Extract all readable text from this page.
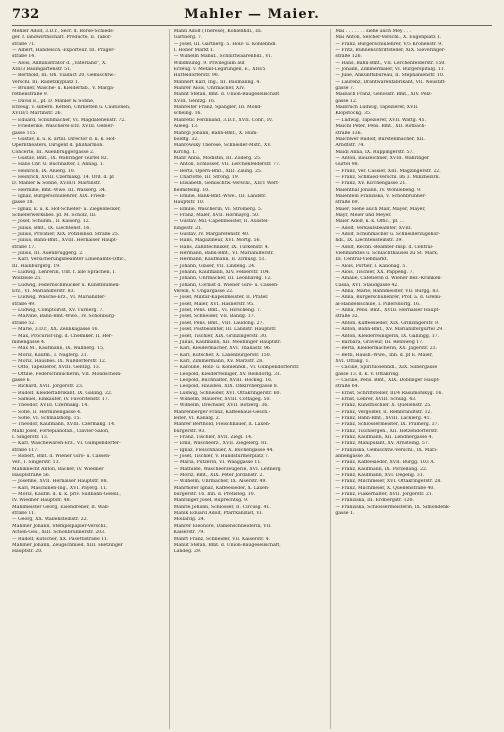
732	Mahler — Maier.
Mehler Adolf, 3.D.r., Secr. d. Börse-Schieds-
ger. f. landwirthschaft. Producte, II. Tabor-
straße 71.
— Albert, Handelsch.-Exporteur, III. Prager-
straße 14.
— Alois, Administrator d. „Vaterland“, X.
XIII/3 Baumgartenstr. 51.
— Berthold, III. Oh. Viaduct 20, Gemischtw.-
Verschl. III. Radetzkyplatz 1.
— Brüder, Wäsche- u. Kleiderfab., V. Marga-
rethenstraße 9.
— David E., pf. D. Mahler & Söhne,
Erzeug. v. silbern. Ketten, Uhrketten u. Cautionen,
XVIII/1 Martinstr. 26.
— Eduard, Schuhmacher, VI. Magdalenenstr. 72.
— Friederike, Wäscherei-Erz. XVIII. Gebler-
gasse 115.
— Gustav, k. u. k. artill. Director d. k. k. Hof-
Operntheaters, Dirigent d. philharmon.
Concerte, III. Auenbruggergasse 2.
— Gustav, Bmt., IX. Währinger Gürtel 82.
— Hans Chr. O. Buchhalter, I. Annag. 1.
— Heinrich, IX. Aluerg. 10.
— Heinrich, XVIII. Czermakg. 14. Ord. d. pf
D. Mahler & Söhne, XVIII/1 Martinstr.
— Hermine, Bmt.-Wwe. III. Wasserg. 34.
— Ignaz, Bürgerschullehrer, XIX. Friedl-
gasse 18.
— Ignaz, k. u. k. Hof-Schiefer- u. Ziegeldecker,
Schieferwerksbes. pf. M. Scholz, III.
— Josef, Schuhm., II. Kaiserg. 12.
— Julius, Bmt., IX. Liechtenst. 16.
— Julius, Privatier, XIX. Pötzleinsd. Straße 25.
— Julius, Bahn-Bmt., XVIII. Hernalser Haupt-
straße 17.
— Julius, III. Auenbruggerg. 2.
— Karl, Versicherungsbeamter Linienamts-Offic.,
III. Hainburgerg. 19.
— Ludwig, Lehrerin, Unt. f. alle Sprachen, I.
Wollzeile 25.
— Ludwig, Federnschmücker u. Kunstblumen-
Erz., VI. Mariahilferstr. 83.
— Ludwig, Wäsche-Erz., VI. Mariahilfer-
straße 49.
— Ludwig, Comptoirist, XV. Turnerg. 7.
— Malvine, Bahn-Bmt.-Wwe., IV. Schönburg-
straße 52.
— Marie, 3.D.r., XX. Zelinkagasse 16.
— Max, Procurist-Ing. d. Chemiker, II. Her-
minengasse 4.
— Max M., Kaufmann, IX. Wallnerg. 15.
— Moriz, Kaufm., I. Naglerg. 21.
— Moriz, Hausbes. IX. Nußdorferstr. 12.
— Otto, Tapezierer, XVIII. Gentzg. 13.
— Ottilie, Federschmückerin, VII. Mondschein-
gasse 6.
— Richard, XVII. Jörgerstr. 23.
— Rudolf, Kleiderfabrikant, IX. Galling. 22.
— Samuel, Einkäufer, IV. Favoritenstr. 17.
— Theodor, XVIII. Czermakg. 14.
— Sofie, II. Herminengasse 4.
— Sofie, VI. Schmalzhofg. 15.
— Theodor, Kaufmann, XVIII. Czermakg. 14.
Mahl Josef, Fortepianofab., Clavier-Salon,
I. Singerstr. 13.
— Karl, Wäschewaren-Erz., VI. Gumpendorfer-
straße 117.
— Robert, Bmt. d. Wiener Giro- u. Cassen-
Ver., I. Singerstr. 13.
Mahlknecht Anton, Bäcker, IV. Wiedner
Hauptstraße 56.
— Josefine, XVII. Hernalser Hauptstr. 88.
— Karl, Maschinen-Ing., XVI. Payerg. 11.
— Moriz, Kaufm. d. k. k. priv. Südbahn-Gesell.,
IV. Wiedner Hauptstr. 48.
Mahlmeister Georg, Eisendreher, II. Wall-
straße 11.
— Georg, XX. Wallensteinstr. 22.
Mahlner Johann, Stempelpapier-Verschl.,
Actien-Ges., XIII. Schönbrunnerstr. 203.
— Rudolf, Kutscher, XX. Pasettistraße 11.
Mahlner Johann, Zeugschmied, XIII. Hietzinger
Hauptstr. 20.
Mahn Adolf (Therese), Kohlenhdl., III.
Gärtnerg. 7.
— Josef, III. Gärtnerg. 5. Holz- u. Kohlenhdl.
I. Hoher Markt 1.
— Wilhelm Manuf., Schnittwaarenhdl., VI.
Windmühlg. 9. Privilegium auf
Erzeug. v. Metall-Legirungen, E., XIII/5
Hütteldorferstr. 90.
Mahnert Karl, Ing., III. Baumanng. 4.
Mahrer Alois, Uhrmacher, XIV.
Mahnt Stefan, Bmt. d. Union-Baugesellschaft
XVIII. Gentzg. 16.
Mahreiter Franz, Spängler, III. Mond-
scheing. 16.
Mahretic Ferdinand, 3.D.r., XVII. Conr., IV.
Alleeg. 13.
Mahrgl Johann, Bahn-Bmt., X. Hum-
boldtg. 32.
Mahrowsky Therese, Schneider-Mstr., XV.
Kirchg. 1.
Mahr Anna, Modistin, III. Zollerg. 25.
— Anton, Schlosser, VII. Lerchenfelderstr. 77.
— Berta, Opern-Bmt., XIII. Zaung. 25.
— Charlotte, III. Strohg. 19.
— Elisabeth, Gemischtw.-Verschl., XII/1 Wert-
heimsteing. 10.
— Emilie, Bank-Bmt.-Wwe., III. Landstr.
Hauptstr. 10.
— Emilie, Wäscherin, VI. Stromerg. 5.
— Franz, Maler, XVII. Hormayrg. 50.
— Gustav, Mil.-Capellmeister, II. Ausstel-
lungsstr. 21.
— Gustav, IV. Margaretenstr. 40.
— Hans, Magazineur, XVI. Mörtg. 56.
— Hans, Zahntechniker, IX. Türkenstr. 4.
— Hermann, Bahn-Bmt., VI. Mariahilferstr.
— Hermann, Kaufmann, II. Zirkusg. 51.
— Johann, Glaser, VII. Lindeng. 24.
— Johann, Kaufmann, XIV. Felberstr. 104.
— Johann, Uhrmacher, III. Leonhardg. 12.
— Johann, Cornist d. Wiener Giro- u. Cassen-
Verein, V. Ungargasse 22.
— Josef, Militär-Kapellmeister, II. Prater.
— Josef, Maler, XVI. Hasnerstr. 95.
— Josef, Pens. Bmt., VI. Hirscheng. 7.
— Josef, Schneider, VII. Bandg. 17.
— Josef, Pens. Bmt., VIII. Laudong. 27.
— Josef, Postbeamter, III. Landstr. Hauptstr.
— Josef, Tischler, XIX. Grinzingerstr. 30.
— Julius, Kaufmann, XII. Meidlinger Hauptstr.
— Karl, Kleidermacher, XVI. Thaliastr. 96.
— Karl, Kutscher, X. Laxenburgerstr. 150.
— Karl, Zimmermann, XV. Märzstr. 28.
— Karoline, Holz- u. Kohlenhdl., VI. Gumpendorferstr.
— Leopold, Kleiderreiniger, XV. Reindorfg. 31.
— Leopold, Buchhalter, XVIII. Hockeg. 16.
— Leopold, Hausbes. XIX. Obkirchergasse 8.
— Ludwig, Schneider, XVI. Ottakringerstr. 60.
— Wilhelm, Mauerer, XVIII. Cottageg. 50.
— Wilhelm, Drechsler, XVII. Rötzerg. 36.
Mahrenberger Franz, Kaffeehaus-Gesch.-
leiter, VI. Kanalg. 2.
Mahrer Berthold, Fleischhauer, X. Laxen-
burgerstr. 93.
— Franz, Tischler, XVII. Ziegl. 14.
— Emil, Wäscheerz., XVII. Ziegelerg. 81.
— Ignaz, Fleischhauer, X. Buchengasse 44.
— Josef, Tischler, V. Hundsturmerplatz 7.
— Maria, Putzerin, VI. Waaggasse 11.
— Mathilde, Wäscheerzeugerin, XVI. Leitnerg.
— Moriz, Bmt., XIX. Peter Jordanstr. 2.
— Wilhelm, Uhrmacher, IX. Alserstr. 49.
Mahrhofer Ignaz, Kaffeesieder, X. Laxen-
burgerstr. 16. Inh. d. Pretisteg. 10.
Mahringer Josef, Ruprechtsg. 9.
Mahrle Johann, Schlosser, II. Circusg. 41.
Mahlk Eduard Adolf, Pfarrkanzlist, VI.
Mollardg. 24.
Mahrer Eleonore, Damenschneiderin, VII.
Kaiserstr. 79.
Mahrt Franz, Schneider, VII. Kaiserstr. 4.
Mahut Stefan, Bmt. d. Union-Baugesellschaft,
Landeg. 29.
Mai . . . . . . . siehe auch Mey . . .
Mai Anton, Selcher-Verschl., X. Eugenplatz 1.
— Franz, Bürgerschullehrer, V/5 Kronenstr. 9.
— Fritz, Bühnenschriftsteller, XIX. Sieveringer-
straße 126.
— Hans, Bahn-Bmt., VII. Lerchenfelderstr. 150.
— Johann, Zimmermaler, VI. Bürgerspitalg. 11.
— Julie, Ankunftsbureau, II. Stephanienstr. 10.
— Laurenz, Drahtwarenfabrikant, VII. Neustift-
gasse 7.
Maibach Franz, Genossfr. Bmt., XIV. Pelz-
gasse 12.
Maibruch Ludwig, Tapezierer, XVII.
Klopstockg. 35.
— Ludwig, Tapezierer, XVII. Wattg. 45.
Maichl Peter, Pens. Bmt., XII. Rotbach-
straße 136.
Maichwer Rudolf, Bürstenmacher, XII.
Arndtstr. 74.
Maidl Anna, IX. Ruppingerstr. 57.
— Anton, Bauzeichner, XVIII. Währinger
Gürtel 98.
— Franz, Ver. Cassier, XIII. Magzingerstr. 22.
— Franz, Schmied-Verschl. im 3. Milizbezirk.
— Franz, XV. Kirchengasse 21.
Maienthal Johann, IV. Wohllebeng. 9.
Maienfein Franziska, V. Schönbrunner-
straße 69.
Maier, Siehe auch Mair, Mayer, Mayer,
Mayr, Meier und Meyer.
Maier Adolf, k. k. Offic., pf. ...
— Adolf, Verkaufsbeamter, XVIII.
— Adolf, Schuhmacher u. Schneiderzugehör-
hdl., IX. Liechtensteinstr. 39.
— Adolf, Rechn.-Beamter-Insp. d. Central-
Viehmarktes u. Schlachthauses zu St. Marx,
III. Central-Viehmarkt.
— Alois, Portier, I. Kanonag. 5.
— Alois, Tischler, XX. Pappeng. 7.
— Amalie, Cafetierin d. Wiener Bez.-Kranken-
Cassa, XVI. Staudgasse 42.
— Anna, Marie, Bahnmeister, VII. Burgg. 83.
— Anna, Bürgerschullehrer, Prof. a. d. Gremi-
al-Handelsschule, I. Pillersdorfg. 16.
— Anna, Pens. Bmt., XVIII. Hernalser Haupt-
straße 32.
— Anton, Kaffeesieder, XIX. Grinzingerstr. 9.
— Anton, Bahn-Bmt., XV. Mariahilfergürtel 29.
— Anton, Kleiderreinigerin, IX. Gallingg. 17.
— Barbara, Graveur, III. Rennweg 17.
— Berta, Kleidermacherin, XX. Jägerstr. 23.
— Betti, Haush.-Wwe., Inh. d. pf E. Maier,
XVI. Ottakg. 1.
— Cäcilie, Spirituosenhdl., XIX. Silbergasse
gasse 13. d. k. V. Ottakring.
— Cäcilie, Pens. Bmt., XIX. Döblinger Haupt-
straße 64.
— Ernst, Schriftsteller, III/4 Rasumofskyg. 16.
— Ernst, Lehrer, XVIII. Schulg. 43.
— Franz, Kunsttischler, X. Quellenstr. 25.
— Franz, Vergolder, II. Rembrandtstr. 12.
— Franz, Bahn-Bmt., XVIII. Lackierg. 41.
— Franz, Schlossermeister, IX. Pramerg. 37.
— Franz, Tischlergeh., XII. Hetzendorferstr.
— Franz, Kaufmann, XII. Lendnergasse 4.
— Franz, Manipulant, XV. Arnsteing. 57.
— Franziska, Gemischtw.-Verschl., IX. Mari-
annengasse 36.
— Franz, Kaffeesieder, XVII. Bürgg. 103 A.
— Franz, Kaufmann, IX. Porzellang. 22.
— Franz, Kaufmann, XVI. Degeng. 31.
— Franz, Milchmeier, XVI. Ottakringerstr. 28.
— Franz, Milchmeier, X. Quellenstraße 40.
— Franz, Fiakerhalter, XVII. Jörgerstr. 21.
— Franziska, III. Erdbergstr. 120.
— Franziska, Schlossermeisterin, IX. Simondenk-
gasse 1.
